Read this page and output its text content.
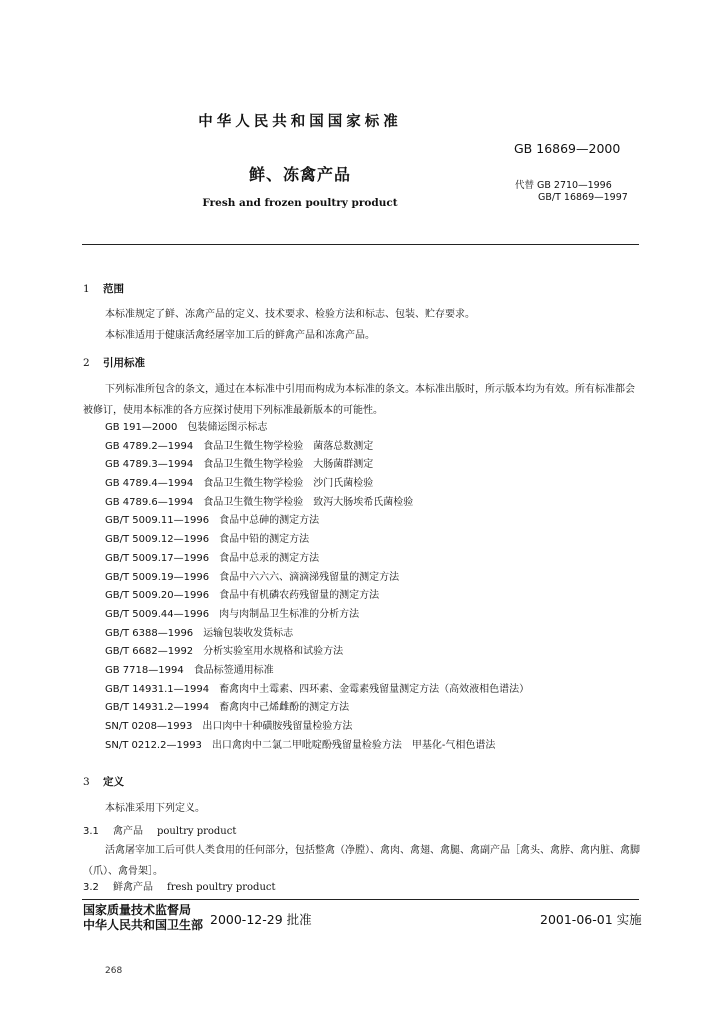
中华人民共和国国家标准
GB 16869—2000
鲜、冻禽产品
代替 GB 2710—1996
GB/T 16869—1997
Fresh and frozen poultry product
1 范围
本标准规定了鲜、冻禽产品的定义、技术要求、检验方法和标志、包装、贮存要求。
本标准适用于健康活禽经屠宰加工后的鲜禽产品和冻禽产品。
2 引用标准
下列标准所包含的条文，通过在本标准中引用而构成为本标准的条文。本标准出版时，所示版本均为有效。所有标准都会被修订，使用本标准的各方应探讨使用下列标准最新版本的可能性。
GB 191—2000 包装储运图示标志
GB 4789.2—1994 食品卫生微生物学检验　菌落总数测定
GB 4789.3—1994 食品卫生微生物学检验　大肠菌群测定
GB 4789.4—1994 食品卫生微生物学检验　沙门氏菌检验
GB 4789.6—1994 食品卫生微生物学检验　致泻大肠埃希氏菌检验
GB/T 5009.11—1996 食品中总砷的测定方法
GB/T 5009.12—1996 食品中铅的测定方法
GB/T 5009.17—1996 食品中总汞的测定方法
GB/T 5009.19—1996 食品中六六六、滴滴涕残留量的测定方法
GB/T 5009.20—1996 食品中有机磷农药残留量的测定方法
GB/T 5009.44—1996 肉与肉制品卫生标准的分析方法
GB/T 6388—1996 运输包装收发货标志
GB/T 6682—1992 分析实验室用水规格和试验方法
GB 7718—1994 食品标签通用标准
GB/T 14931.1—1994 畜禽肉中土霉素、四环素、金霉素残留量测定方法（高效液相色谱法）
GB/T 14931.2—1994 畜禽肉中己烯雌酚的测定方法
SN/T 0208—1993 出口肉中十种磺胺残留量检验方法
SN/T 0212.2—1993 出口禽肉中二氯二甲吡啶酚残留量检验方法　甲基化-气相色谱法
3 定义
本标准采用下列定义。
3.1 禽产品 poultry product
活禽屠宰加工后可供人类食用的任何部分，包括整禽（净膛）、禽肉、禽翅、禽腿、禽副产品［禽头、禽脖、禽内脏、禽脚（爪）、禽骨架］。
3.2 鲜禽产品 fresh poultry product
国家质量技术监督局
中华人民共和国卫生部 2000-12-29 批准	2001-06-01 实施
268
